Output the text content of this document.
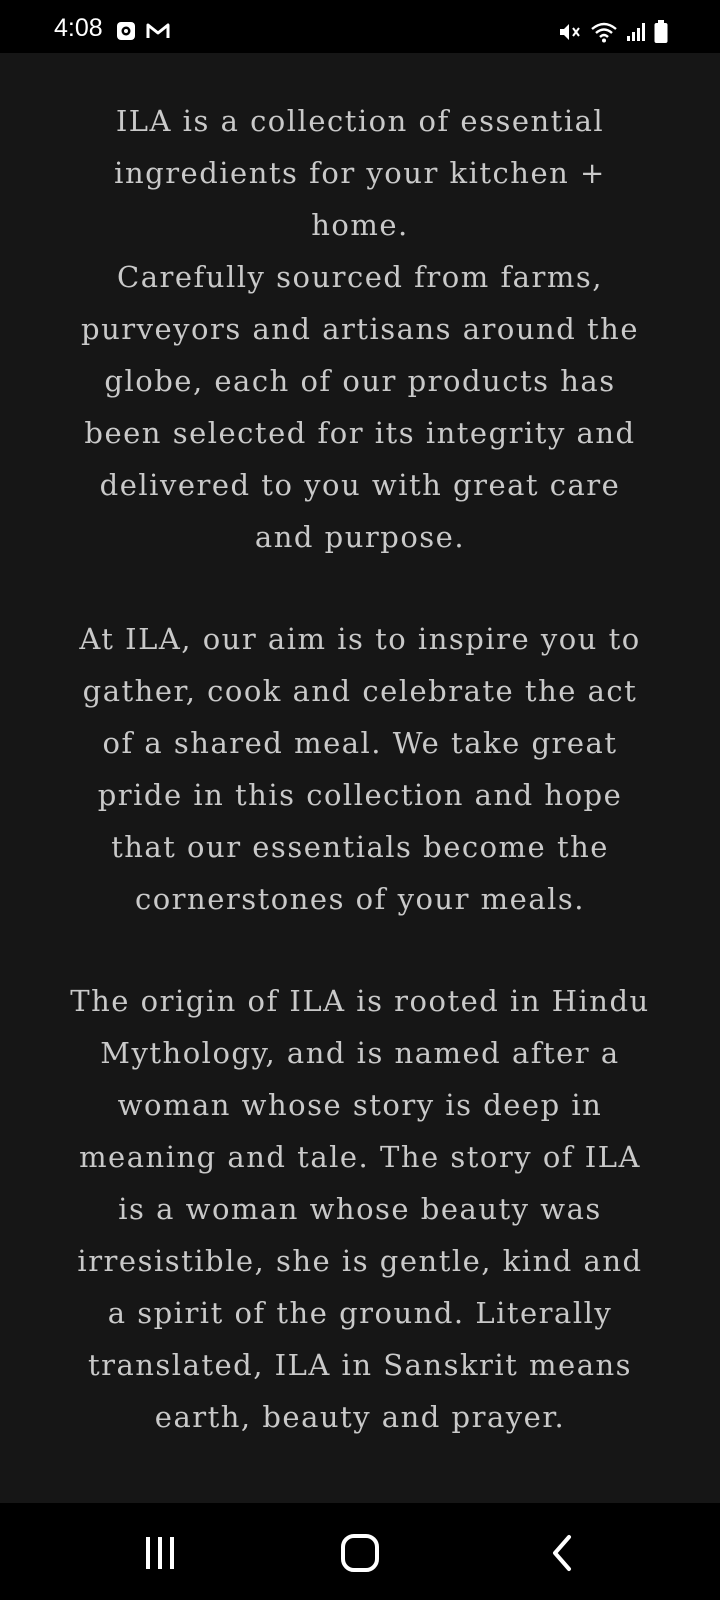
4:08

ILA is a collection of essential ingredients for your kitchen + home.

Carefully sourced from farms, purveyors and artisans around the globe, each of our products has been selected for its integrity and delivered to you with great care and purpose.

At ILA, our aim is to inspire you to gather, cook and celebrate the act of a shared meal. We take great pride in this collection and hope that our essentials become the cornerstones of your meals.

The origin of ILA is rooted in Hindu Mythology, and is named after a woman whose story is deep in meaning and tale. The story of ILA is a woman whose beauty was irresistible, she is gentle, kind and a spirit of the ground. Literally translated, ILA in Sanskrit means earth, beauty and prayer.
